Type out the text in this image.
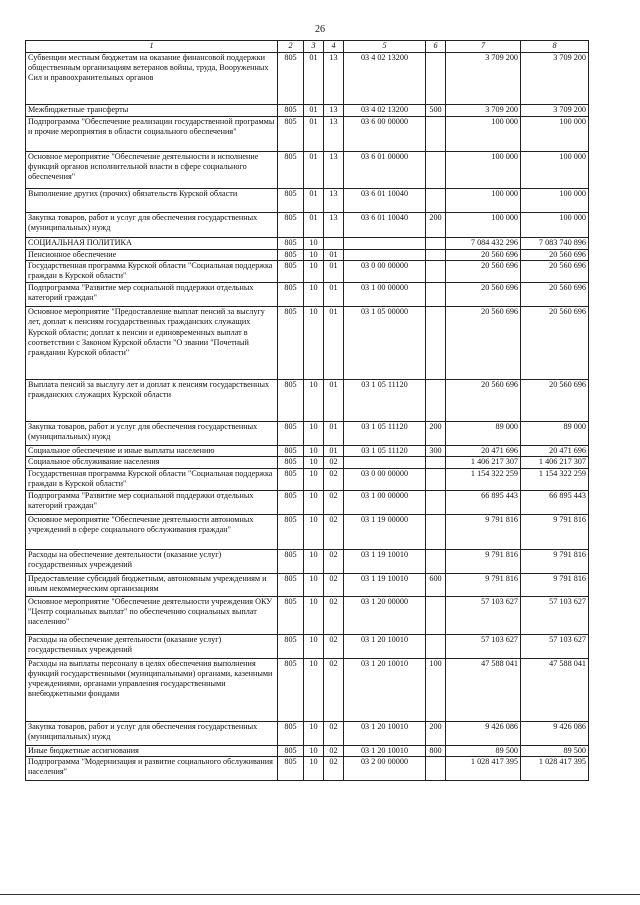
26
1	2	3	4	5	6	7	8
Субвенции местным бюджетам на оказание финансовой поддержки общественным организациям ветеранов войны, труда, Вооруженных Сил и правоохранительных органов	805	01	13	03 4 02 13200		3 709 200	3 709 200
Межбюджетные трансферты	805	01	13	03 4 02 13200	500	3 709 200	3 709 200
Подпрограмма "Обеспечение реализации государственной программы и прочие мероприятия в области социального обеспечения"	805	01	13	03 6 00 00000		100 000	100 000
Основное мероприятие "Обеспечение деятельности и исполнение функций органов исполнительной власти в сфере социального обеспечения"	805	01	13	03 6 01 00000		100 000	100 000
Выполнение других (прочих) обязательств Курской области	805	01	13	03 6 01 10040		100 000	100 000
Закупка товаров, работ и услуг для обеспечения государственных (муниципальных) нужд	805	01	13	03 6 01 10040	200	100 000	100 000
СОЦИАЛЬНАЯ ПОЛИТИКА	805	10				7 084 432 296	7 083 740 896
Пенсионное обеспечение	805	10	01			20 560 696	20 560 696
Государственная программа Курской области "Социальная поддержка граждан в Курской области"	805	10	01	03 0 00 00000		20 560 696	20 560 696
Подпрограмма "Развитие мер социальной поддержки отдельных категорий граждан"	805	10	01	03 1 00 00000		20 560 696	20 560 696
Основное мероприятие "Предоставление выплат пенсий за выслугу лет, доплат к пенсиям государственных гражданских служащих Курской области; доплат к пенсии и единовременных выплат в соответствии с Законом Курской области "О звании "Почетный гражданин Курской области"	805	10	01	03 1 05 00000		20 560 696	20 560 696
Выплата пенсий за выслугу лет и доплат к пенсиям государственных гражданских служащих Курской области	805	10	01	03 1 05 11120		20 560 696	20 560 696
Закупка товаров, работ и услуг для обеспечения государственных (муниципальных) нужд	805	10	01	03 1 05 11120	200	89 000	89 000
Социальное обеспечение и иные выплаты населению	805	10	01	03 1 05 11120	300	20 471 696	20 471 696
Социальное обслуживание населения	805	10	02			1 406 217 307	1 406 217 307
Государственная программа Курской области "Социальная поддержка граждан в Курской области"	805	10	02	03 0 00 00000		1 154 322 259	1 154 322 259
Подпрограмма "Развитие мер социальной поддержки отдельных категорий граждан"	805	10	02	03 1 00 00000		66 895 443	66 895 443
Основное мероприятие "Обеспечение деятельности автономных учреждений в сфере социального обслуживания граждан"	805	10	02	03 1 19 00000		9 791 816	9 791 816
Расходы на обеспечение деятельности (оказание услуг) государственных учреждений	805	10	02	03 1 19 10010		9 791 816	9 791 816
Предоставление субсидий бюджетным, автономным учреждениям и иным некоммерческим организациям	805	10	02	03 1 19 10010	600	9 791 816	9 791 816
Основное мероприятие "Обеспечение деятельности учреждения ОКУ "Центр социальных выплат" по обеспечению социальных выплат населению"	805	10	02	03 1 20 00000		57 103 627	57 103 627
Расходы на обеспечение деятельности (оказание услуг) государственных учреждений	805	10	02	03 1 20 10010		57 103 627	57 103 627
Расходы на выплаты персоналу в целях обеспечения выполнения функций государственными (муниципальными) органами, казенными учреждениями, органами управления государственными внебюджетными фондами	805	10	02	03 1 20 10010	100	47 588 041	47 588 041
Закупка товаров, работ и услуг для обеспечения государственных (муниципальных) нужд	805	10	02	03 1 20 10010	200	9 426 086	9 426 086
Иные бюджетные ассигнования	805	10	02	03 1 20 10010	800	89 500	89 500
Подпрограмма "Модернизация и развитие социального обслуживания населения"	805	10	02	03 2 00 00000		1 028 417 395	1 028 417 395
